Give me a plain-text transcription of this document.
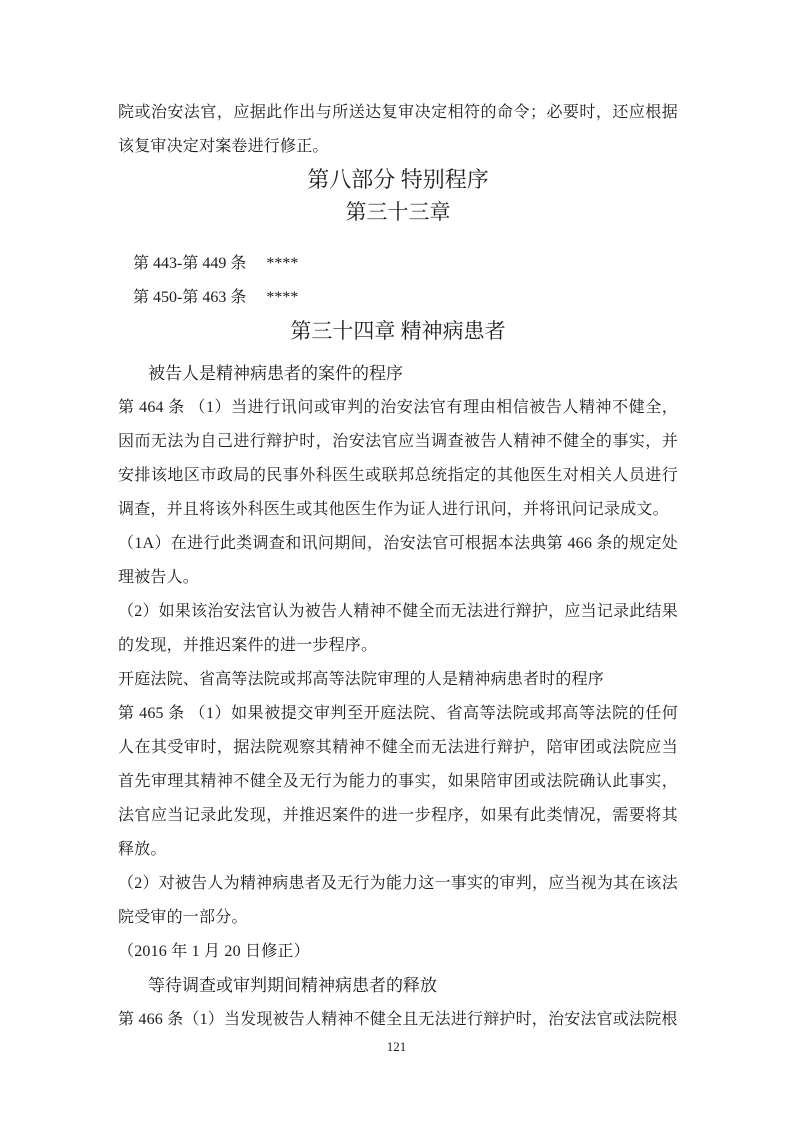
院或治安法官，应据此作出与所送达复审决定相符的命令；必要时，还应根据该复审决定对案卷进行修正。

第八部分 特别程序
第三十三章

第 443-第 449 条　 ****

第 450-第 463 条　 ****

第三十四章 精神病患者

被告人是精神病患者的案件的程序

第 464 条 （1）当进行讯问或审判的治安法官有理由相信被告人精神不健全，因而无法为自己进行辩护时，治安法官应当调查被告人精神不健全的事实，并安排该地区市政局的民事外科医生或联邦总统指定的其他医生对相关人员进行调查，并且将该外科医生或其他医生作为证人进行讯问，并将讯问记录成文。

（1A）在进行此类调查和讯问期间，治安法官可根据本法典第 466 条的规定处理被告人。

（2）如果该治安法官认为被告人精神不健全而无法进行辩护，应当记录此结果的发现，并推迟案件的进一步程序。

开庭法院、省高等法院或邦高等法院审理的人是精神病患者时的程序

第 465 条 （1）如果被提交审判至开庭法院、省高等法院或邦高等法院的任何人在其受审时，据法院观察其精神不健全而无法进行辩护，陪审团或法院应当首先审理其精神不健全及无行为能力的事实，如果陪审团或法院确认此事实，法官应当记录此发现，并推迟案件的进一步程序，如果有此类情况，需要将其释放。

（2）对被告人为精神病患者及无行为能力这一事实的审判，应当视为其在该法院受审的一部分。

（2016 年 1 月 20 日修正）

等待调查或审判期间精神病患者的释放

第 466 条（1）当发现被告人精神不健全且无法进行辩护时，治安法官或法院根

121
